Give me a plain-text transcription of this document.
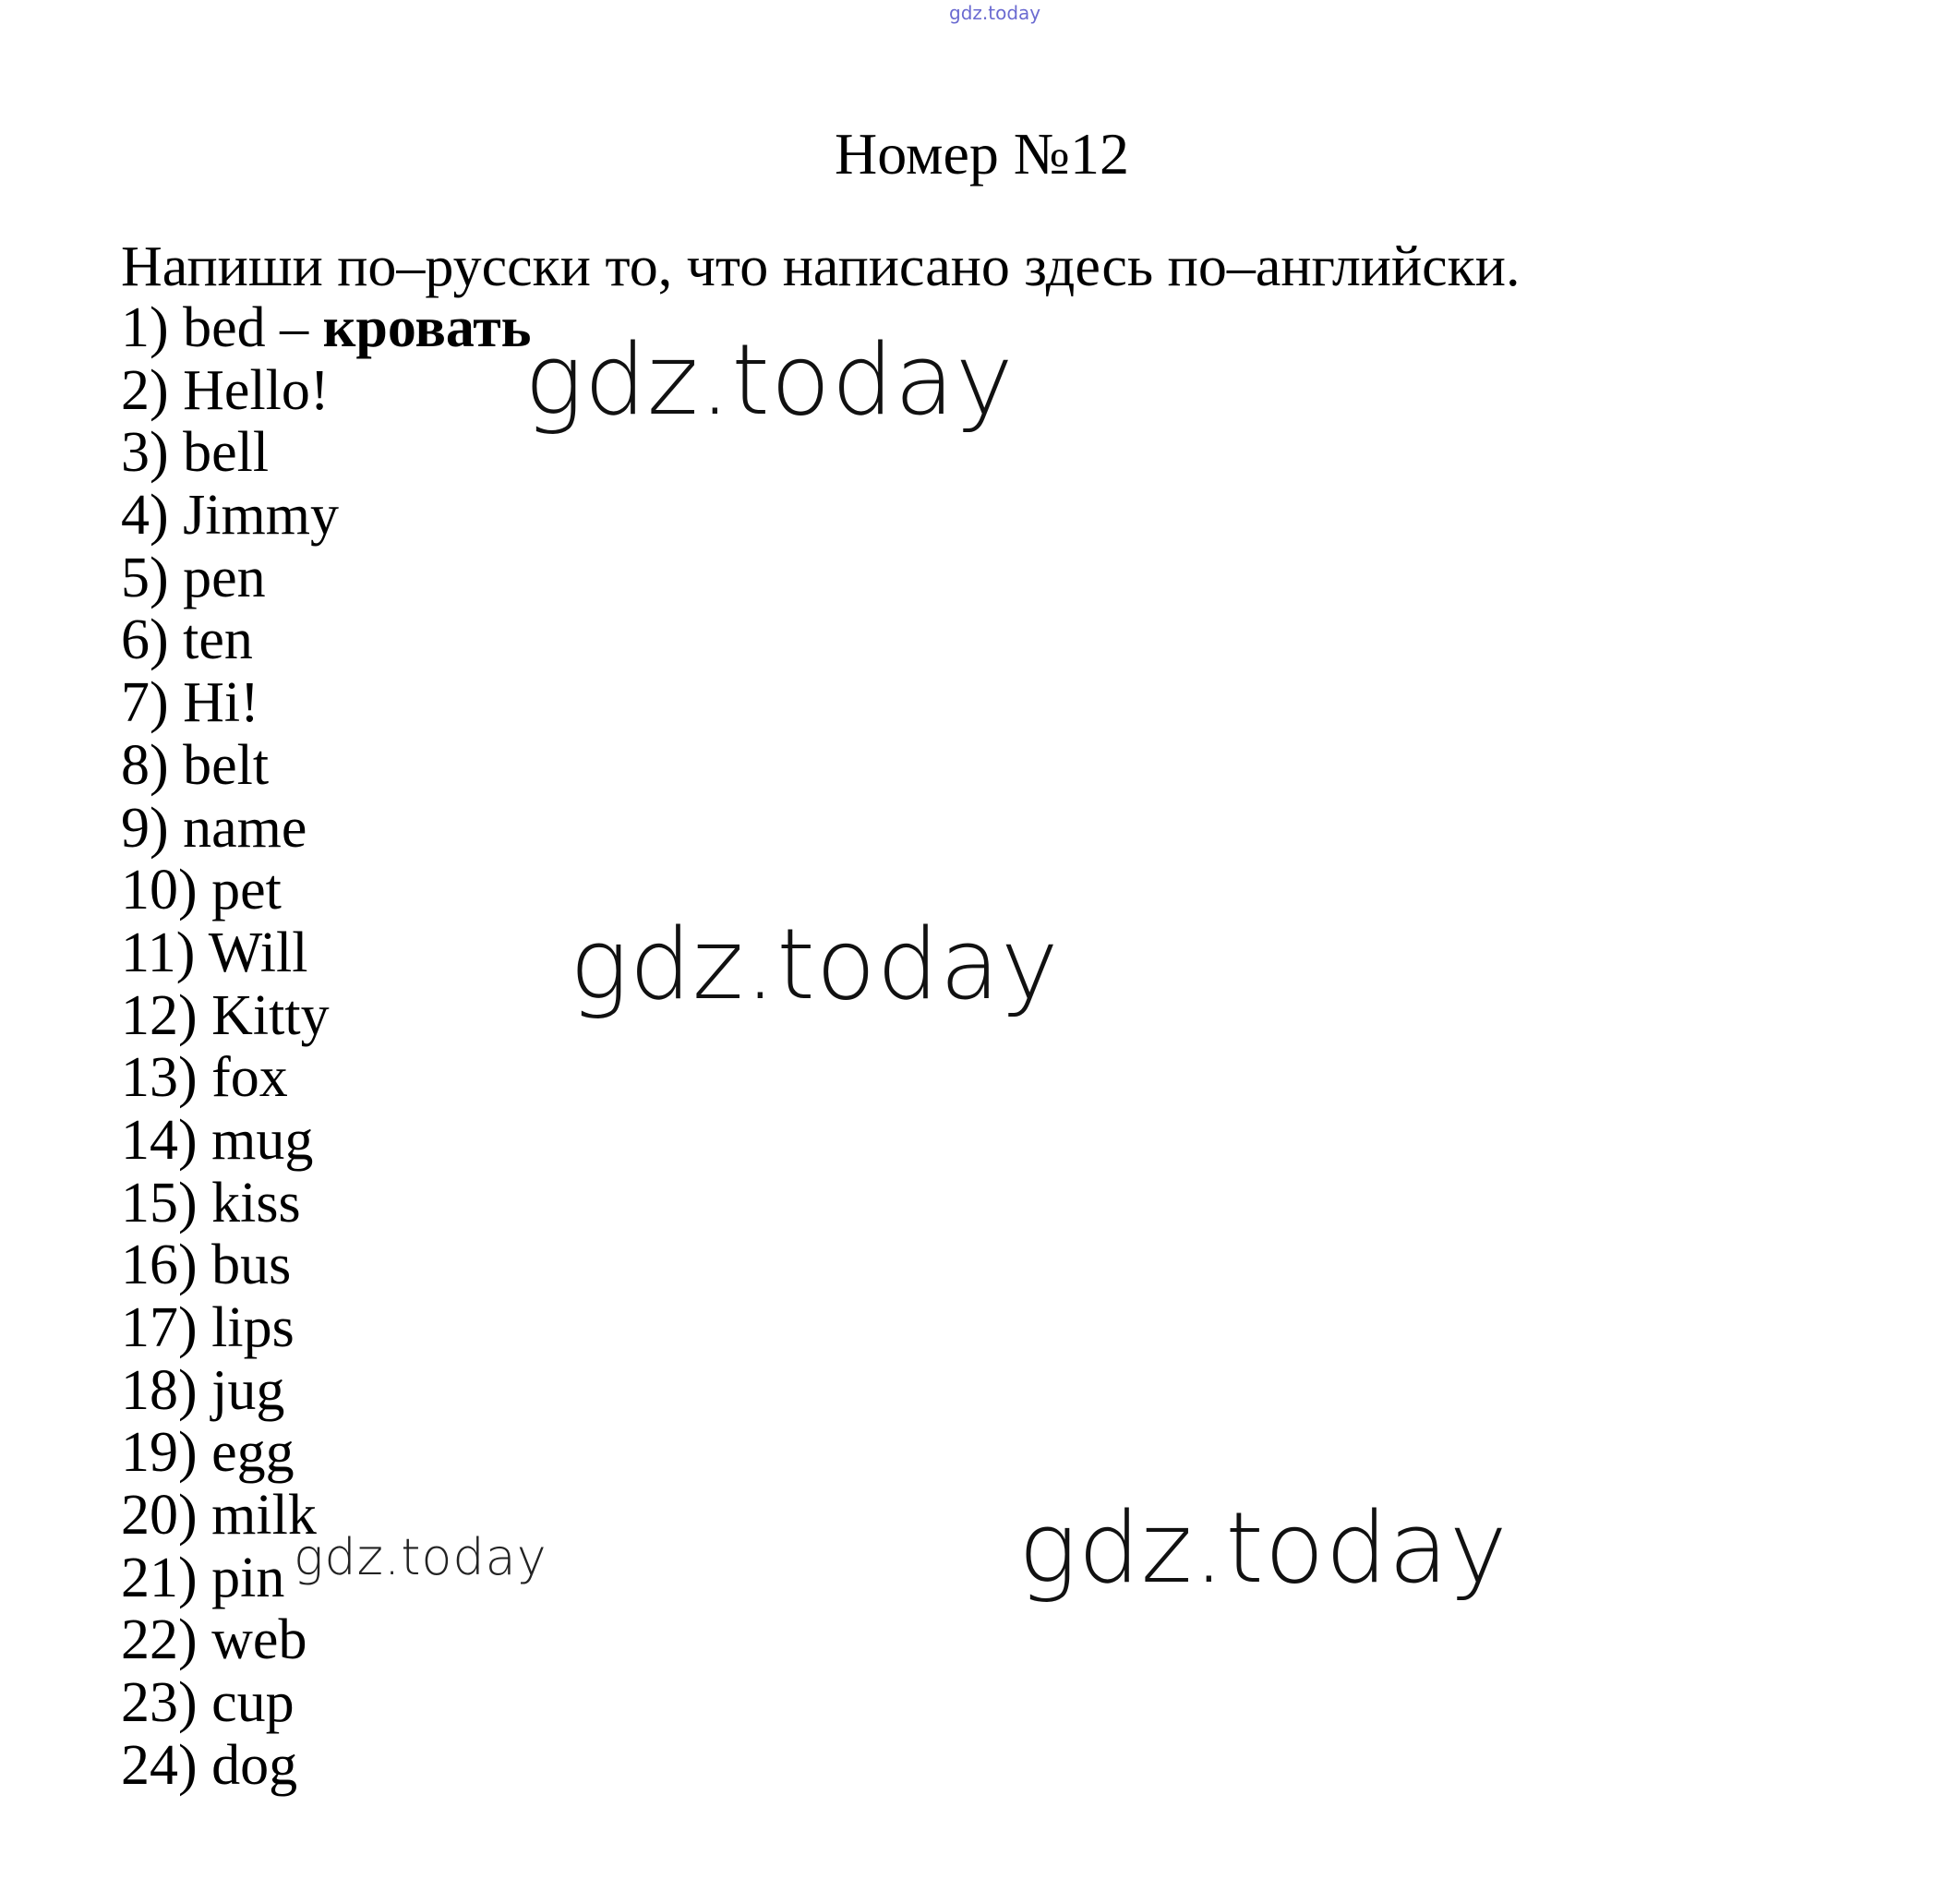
gdz.today
Номер №12
Напиши по–русски то, что написано здесь по–английски.
1) bed – кровать
2) Hello!
3) bell
4) Jimmy
5) pen
6) ten
7) Hi!
8) belt
9) name
10) pet
11) Will
12) Kitty
13) fox
14) mug
15) kiss
16) bus
17) lips
18) jug
19) egg
20) milk
21) pin
22) web
23) cup
24) dog
gdz.today
gdz.today
gdz.today
gdz.today
